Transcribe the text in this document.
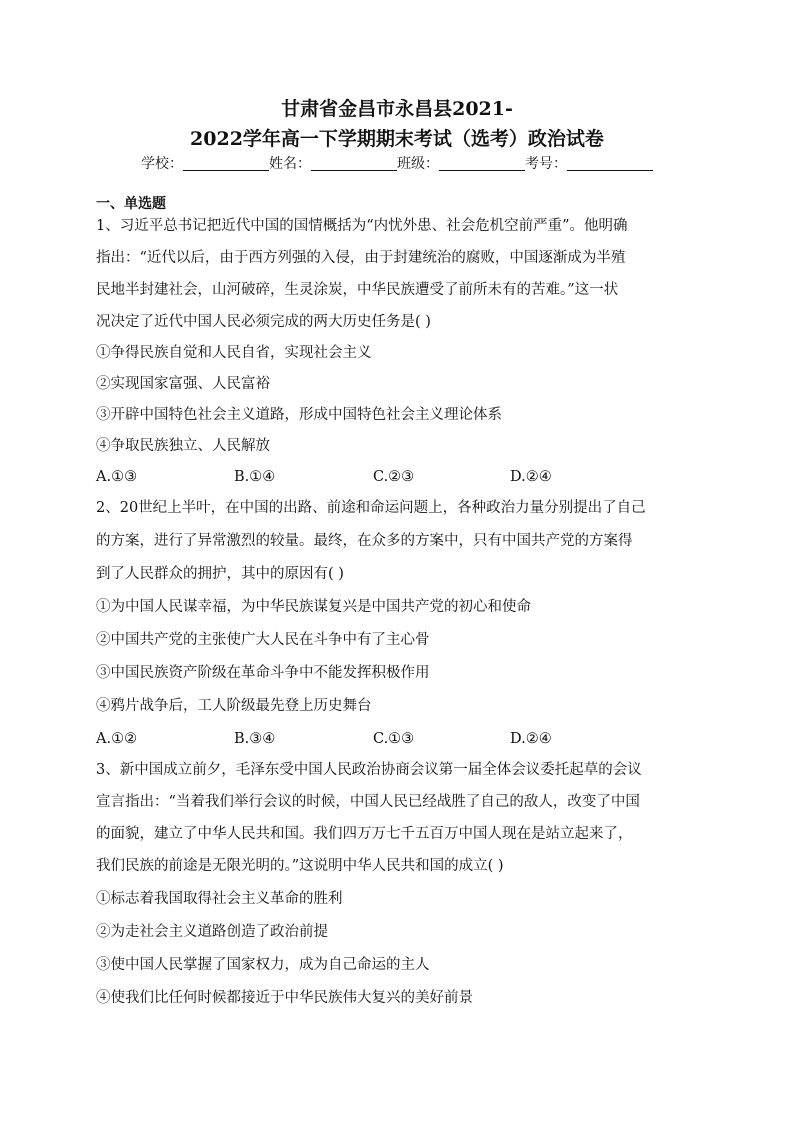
甘肃省金昌市永昌县2021-
2022学年高一下学期期末考试（选考）政治试卷
学校：	姓名：	班级：	考号：
一、单选题
1、习近平总书记把近代中国的国情概括为“内忧外患、社会危机空前严重”。他明确
指出：“近代以后，由于西方列强的入侵，由于封建统治的腐败，中国逐渐成为半殖
民地半封建社会，山河破碎，生灵涂炭，中华民族遭受了前所未有的苦难。”这一状
况决定了近代中国人民必须完成的两大历史任务是( )
①争得民族自觉和人民自省，实现社会主义
②实现国家富强、人民富裕
③开辟中国特色社会主义道路，形成中国特色社会主义理论体系
④争取民族独立、人民解放
A.①③	B.①④	C.②③	D.②④
2、20世纪上半叶，在中国的出路、前途和命运问题上，各种政治力量分别提出了自己
的方案，进行了异常激烈的较量。最终，在众多的方案中，只有中国共产党的方案得
到了人民群众的拥护，其中的原因有( )
①为中国人民谋幸福，为中华民族谋复兴是中国共产党的初心和使命
②中国共产党的主张使广大人民在斗争中有了主心骨
③中国民族资产阶级在革命斗争中不能发挥积极作用
④鸦片战争后，工人阶级最先登上历史舞台
A.①②	B.③④	C.①③	D.②④
3、新中国成立前夕，毛泽东受中国人民政治协商会议第一届全体会议委托起草的会议
宣言指出：“当着我们举行会议的时候，中国人民已经战胜了自己的敌人，改变了中国
的面貌，建立了中华人民共和国。我们四万万七千五百万中国人现在是站立起来了，
我们民族的前途是无限光明的。”这说明中华人民共和国的成立( )
①标志着我国取得社会主义革命的胜利
②为走社会主义道路创造了政治前提
③使中国人民掌握了国家权力，成为自己命运的主人
④使我们比任何时候都接近于中华民族伟大复兴的美好前景
